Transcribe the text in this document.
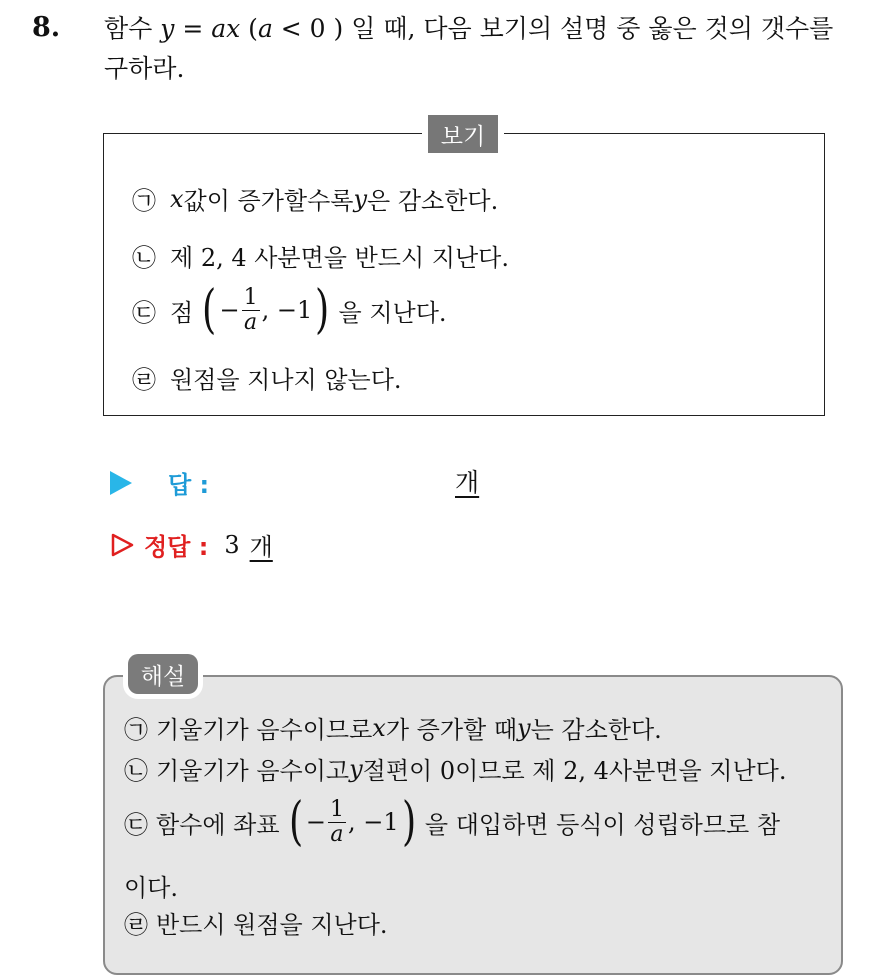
8. 함수 y = ax (a < 0 ) 일 때, 다음 보기의 설명 중 옳은 것의 갯수를
구하라.
보기
㉠ x 값이 증가할수록 y 은 감소한다.
㉡ 제 2, 4 사분면을 반드시 지난다.
㉢ 점 ( − $\frac{1}{a}$ , −1 ) 을 지난다.
㉣ 원점을 지나지 않는다.
답 :	개
정답 : 3 개
해설
㉠ 기울기가 음수이므로 x 가 증가할 때 y 는 감소한다.
㉡ 기울기가 음수이고 y 절편이 0이므로 제 2, 4사분면을 지난다.
㉢ 함수에 좌표 ( − $\frac{1}{a}$ , −1 ) 을 대입하면 등식이 성립하므로 참
이다.
㉣ 반드시 원점을 지난다.
